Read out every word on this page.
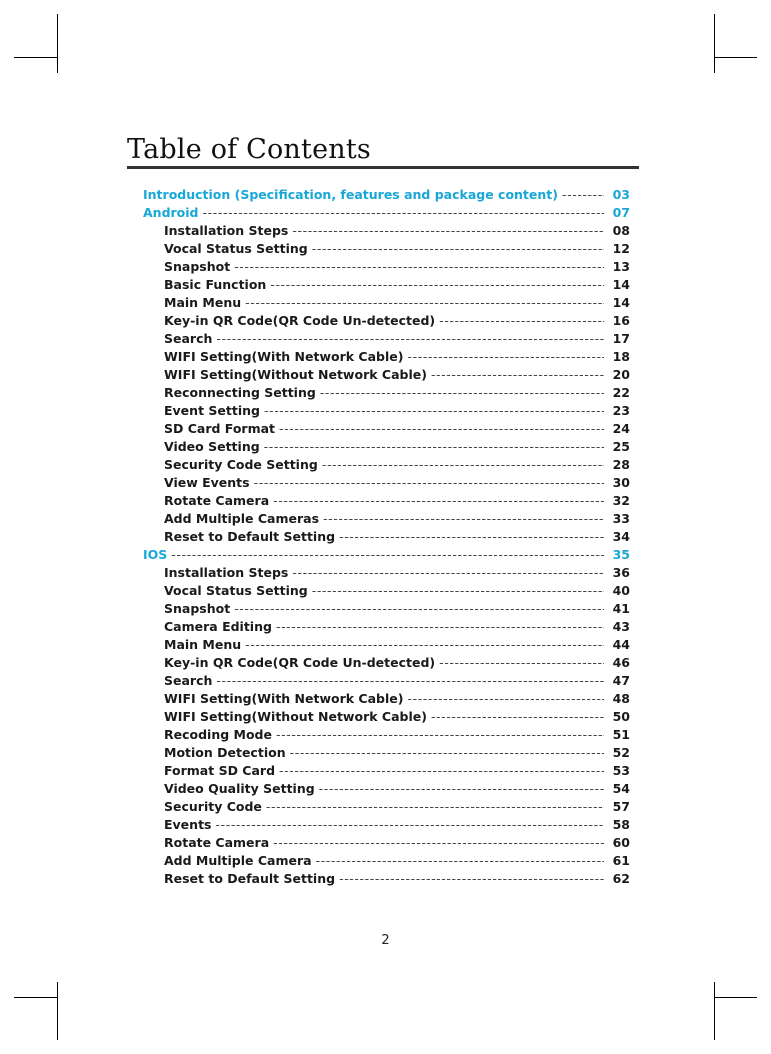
Table of Contents
Introduction (Specification, features and package content) -----	03
Android -----	07
Installation Steps -----	08
Vocal Status Setting -----	12
Snapshot -----	13
Basic Function -----	14
Main Menu -----	14
Key-in QR Code(QR Code Un-detected) -----	16
Search -----	17
WIFI Setting(With Network Cable) -----	18
WIFI Setting(Without Network Cable) -----	20
Reconnecting Setting -----	22
Event Setting -----	23
SD Card Format -----	24
Video Setting -----	25
Security Code Setting -----	28
View Events -----	30
Rotate Camera -----	32
Add Multiple Cameras -----	33
Reset to Default Setting -----	34
IOS -----	35
Installation Steps -----	36
Vocal Status Setting -----	40
Snapshot -----	41
Camera Editing -----	43
Main Menu -----	44
Key-in QR Code(QR Code Un-detected) -----	46
Search -----	47
WIFI Setting(With Network Cable) -----	48
WIFI Setting(Without Network Cable) -----	50
Recoding Mode -----	51
Motion Detection -----	52
Format SD Card -----	53
Video Quality Setting -----	54
Security Code -----	57
Events -----	58
Rotate Camera -----	60
Add Multiple Camera -----	61
Reset to Default Setting -----	62
2
